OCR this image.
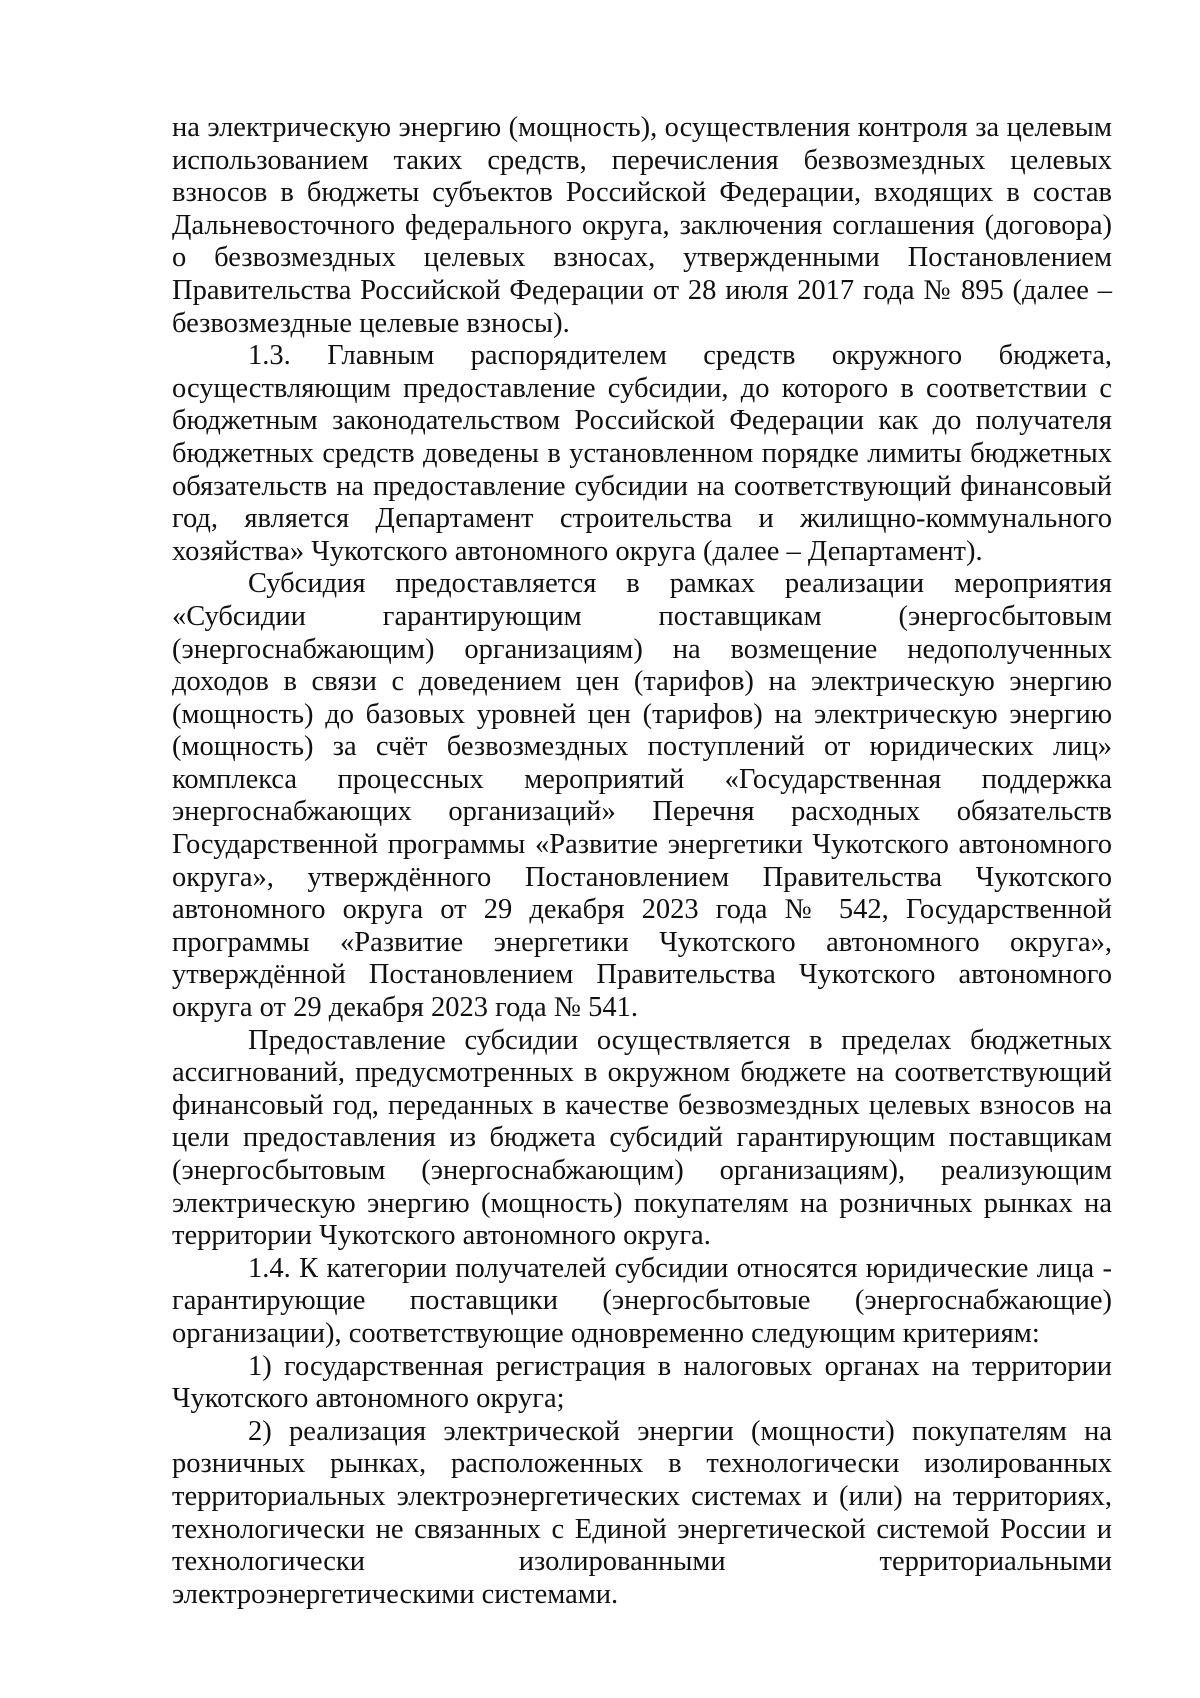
на электрическую энергию (мощность), осуществления контроля за целевым использованием таких средств, перечисления безвозмездных целевых взносов в бюджеты субъектов Российской Федерации, входящих в состав Дальневосточного федерального округа, заключения соглашения (договора) о безвозмездных целевых взносах, утвержденными Постановлением Правительства Российской Федерации от 28 июля 2017 года № 895 (далее – безвозмездные целевые взносы).

1.3. Главным распорядителем средств окружного бюджета, осуществляющим предоставление субсидии, до которого в соответствии с бюджетным законодательством Российской Федерации как до получателя бюджетных средств доведены в установленном порядке лимиты бюджетных обязательств на предоставление субсидии на соответствующий финансовый год, является Департамент строительства и жилищно-коммунального хозяйства» Чукотского автономного округа (далее – Департамент).

Субсидия предоставляется в рамках реализации мероприятия «Субсидии гарантирующим поставщикам (энергосбытовым (энергоснабжающим) организациям) на возмещение недополученных доходов в связи с доведением цен (тарифов) на электрическую энергию (мощность) до базовых уровней цен (тарифов) на электрическую энергию (мощность) за счёт безвозмездных поступлений от юридических лиц» комплекса процессных мероприятий «Государственная поддержка энергоснабжающих организаций» Перечня расходных обязательств Государственной программы «Развитие энергетики Чукотского автономного округа», утверждённого Постановлением Правительства Чукотского автономного округа от 29 декабря 2023 года № 542, Государственной программы «Развитие энергетики Чукотского автономного округа», утверждённой Постановлением Правительства Чукотского автономного округа от 29 декабря 2023 года № 541.

Предоставление субсидии осуществляется в пределах бюджетных ассигнований, предусмотренных в окружном бюджете на соответствующий финансовый год, переданных в качестве безвозмездных целевых взносов на цели предоставления из бюджета субсидий гарантирующим поставщикам (энергосбытовым (энергоснабжающим) организациям), реализующим электрическую энергию (мощность) покупателям на розничных рынках на территории Чукотского автономного округа.

1.4. К категории получателей субсидии относятся юридические лица - гарантирующие поставщики (энергосбытовые (энергоснабжающие) организации), соответствующие одновременно следующим критериям:

1) государственная регистрация в налоговых органах на территории Чукотского автономного округа;

2) реализация электрической энергии (мощности) покупателям на розничных рынках, расположенных в технологически изолированных территориальных электроэнергетических системах и (или) на территориях, технологически не связанных с Единой энергетической системой России и технологически изолированными территориальными электроэнергетическими системами.
